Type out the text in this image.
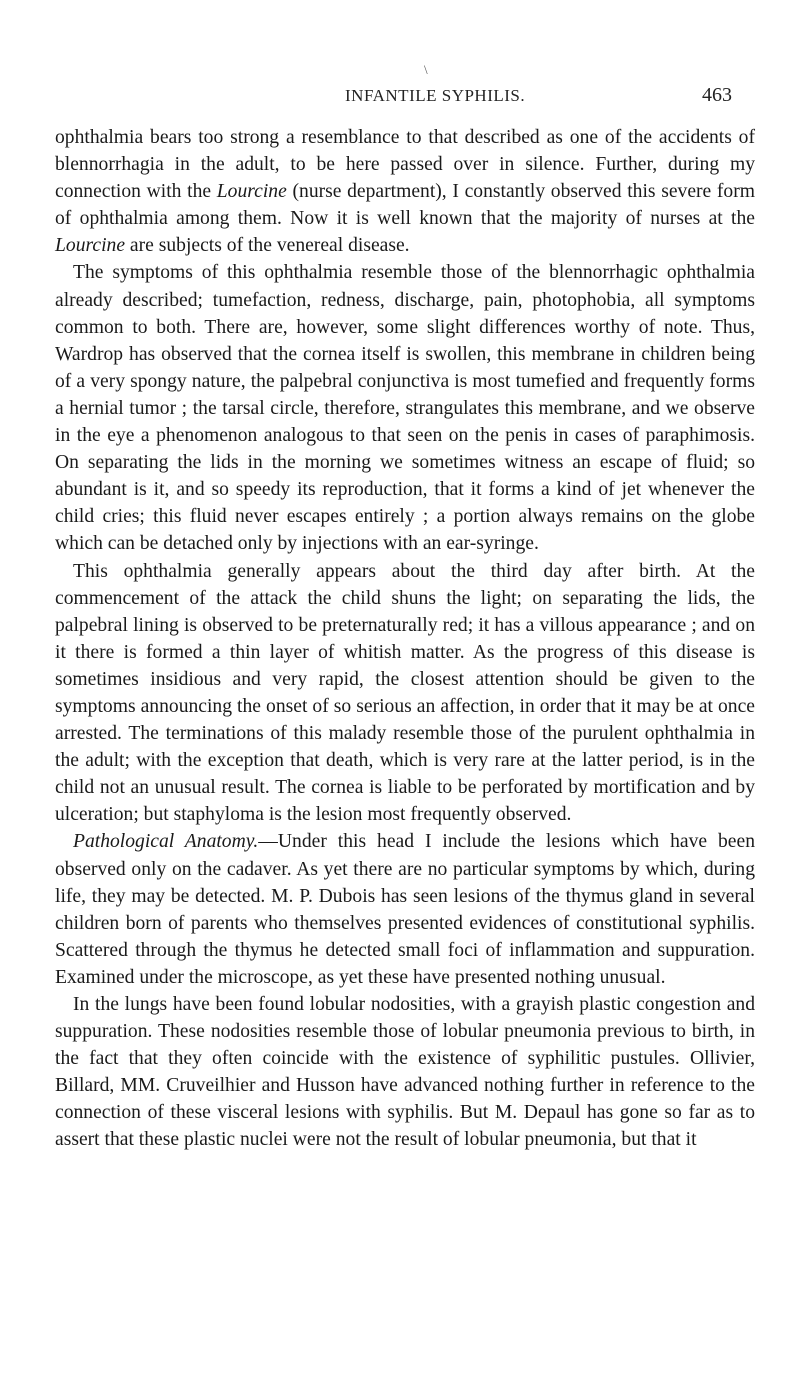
\
INFANTILE SYPHILIS.	463

ophthalmia bears too strong a resemblance to that described as one of the accidents of blennorrhagia in the adult, to be here passed over in silence. Further, during my connection with the Lourcine (nurse department), I constantly observed this severe form of ophthalmia among them. Now it is well known that the majority of nurses at the Lourcine are subjects of the venereal disease.

The symptoms of this ophthalmia resemble those of the blennorrhagic ophthalmia already described; tumefaction, redness, discharge, pain, photophobia, all symptoms common to both. There are, however, some slight differences worthy of note. Thus, Wardrop has observed that the cornea itself is swollen, this membrane in children being of a very spongy nature, the palpebral conjunctiva is most tumefied and frequently forms a hernial tumor ; the tarsal circle, therefore, strangulates this membrane, and we observe in the eye a phenomenon analogous to that seen on the penis in cases of paraphimosis. On separating the lids in the morning we sometimes witness an escape of fluid; so abundant is it, and so speedy its reproduction, that it forms a kind of jet whenever the child cries; this fluid never escapes entirely ; a portion always remains on the globe which can be detached only by injections with an ear-syringe.

This ophthalmia generally appears about the third day after birth. At the commencement of the attack the child shuns the light; on separating the lids, the palpebral lining is observed to be preternaturally red; it has a villous appearance ; and on it there is formed a thin layer of whitish matter. As the progress of this disease is sometimes insidious and very rapid, the closest attention should be given to the symptoms announcing the onset of so serious an affection, in order that it may be at once arrested. The terminations of this malady resemble those of the purulent ophthalmia in the adult; with the exception that death, which is very rare at the latter period, is in the child not an unusual result. The cornea is liable to be perforated by mortification and by ulceration; but staphyloma is the lesion most frequently observed.

Pathological Anatomy.—Under this head I include the lesions which have been observed only on the cadaver. As yet there are no particular symptoms by which, during life, they may be detected. M. P. Dubois has seen lesions of the thymus gland in several children born of parents who themselves presented evidences of constitutional syphilis. Scattered through the thymus he detected small foci of inflammation and suppuration. Examined under the microscope, as yet these have presented nothing unusual.

In the lungs have been found lobular nodosities, with a grayish plastic congestion and suppuration. These nodosities resemble those of lobular pneumonia previous to birth, in the fact that they often coincide with the existence of syphilitic pustules. Ollivier, Billard, MM. Cruveilhier and Husson have advanced nothing further in reference to the connection of these visceral lesions with syphilis. But M. Depaul has gone so far as to assert that these plastic nuclei were not the result of lobular pneumonia, but that it
